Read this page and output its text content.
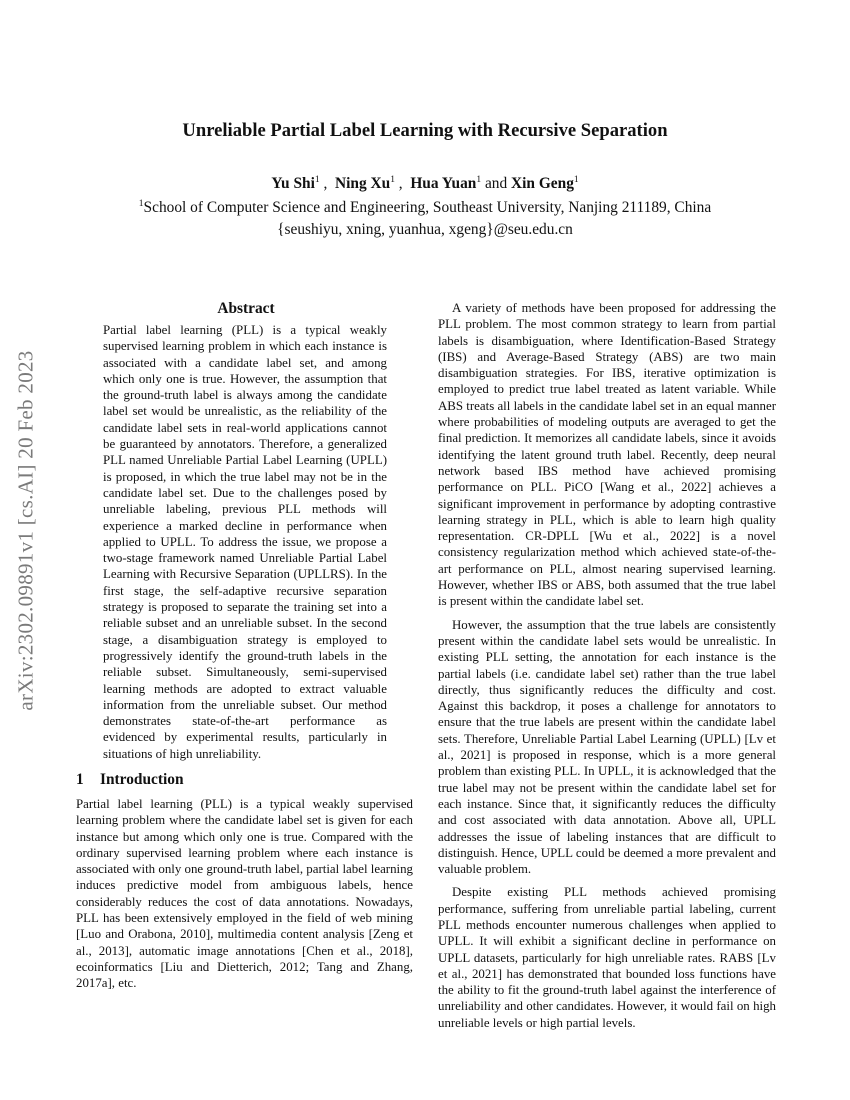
arXiv:2302.09891v1 [cs.AI] 20 Feb 2023
Unreliable Partial Label Learning with Recursive Separation
Yu Shi$^1$ ,  Ning Xu$^1$ ,  Hua Yuan$^1$ and Xin Geng$^1$
$^1$School of Computer Science and Engineering, Southeast University, Nanjing 211189, China
{seushiyu, xning, yuanhua, xgeng}@seu.edu.cn
Abstract

Partial label learning (PLL) is a typical weakly supervised learning problem in which each instance is associated with a candidate label set, and among which only one is true. However, the assumption that the ground-truth label is always among the candidate label set would be unrealistic, as the reliability of the candidate label sets in real-world applications cannot be guaranteed by annotators. Therefore, a generalized PLL named Unreliable Partial Label Learning (UPLL) is proposed, in which the true label may not be in the candidate label set. Due to the challenges posed by unreliable labeling, previous PLL methods will experience a marked decline in performance when applied to UPLL. To address the issue, we propose a two-stage framework named Unreliable Partial Label Learning with Recursive Separation (UPLLRS). In the first stage, the self-adaptive recursive separation strategy is proposed to separate the training set into a reliable subset and an unreliable subset. In the second stage, a disambiguation strategy is employed to progressively identify the ground-truth labels in the reliable subset. Simultaneously, semi-supervised learning methods are adopted to extract valuable information from the unreliable subset. Our method demonstrates state-of-the-art performance as evidenced by experimental results, particularly in situations of high unreliability.

1 Introduction

Partial label learning (PLL) is a typical weakly supervised learning problem where the candidate label set is given for each instance but among which only one is true. Compared with the ordinary supervised learning problem where each instance is associated with only one ground-truth label, partial label learning induces predictive model from ambiguous labels, hence considerably reduces the cost of data annotations. Nowadays, PLL has been extensively employed in the field of web mining [Luo and Orabona, 2010], multimedia content analysis [Zeng et al., 2013], automatic image annotations [Chen et al., 2018], ecoinformatics [Liu and Dietterich, 2012; Tang and Zhang, 2017a], etc.

A variety of methods have been proposed for addressing the PLL problem. The most common strategy to learn from partial labels is disambiguation, where Identification-Based Strategy (IBS) and Average-Based Strategy (ABS) are two main disambiguation strategies. For IBS, iterative optimization is employed to predict true label treated as latent variable. While ABS treats all labels in the candidate label set in an equal manner where probabilities of modeling outputs are averaged to get the final prediction. It memorizes all candidate labels, since it avoids identifying the latent ground truth label. Recently, deep neural network based IBS method have achieved promising performance on PLL. PiCO [Wang et al., 2022] achieves a significant improvement in performance by adopting contrastive learning strategy in PLL, which is able to learn high quality representation. CR-DPLL [Wu et al., 2022] is a novel consistency regularization method which achieved state-of-the-art performance on PLL, almost nearing supervised learning. However, whether IBS or ABS, both assumed that the true label is present within the candidate label set.

However, the assumption that the true labels are consistently present within the candidate label sets would be unrealistic. In existing PLL setting, the annotation for each instance is the partial labels (i.e. candidate label set) rather than the true label directly, thus significantly reduces the difficulty and cost. Against this backdrop, it poses a challenge for annotators to ensure that the true labels are present within the candidate label sets. Therefore, Unreliable Partial Label Learning (UPLL) [Lv et al., 2021] is proposed in response, which is a more general problem than existing PLL. In UPLL, it is acknowledged that the true label may not be present within the candidate label set for each instance. Since that, it significantly reduces the difficulty and cost associated with data annotation. Above all, UPLL addresses the issue of labeling instances that are difficult to distinguish. Hence, UPLL could be deemed a more prevalent and valuable problem.

Despite existing PLL methods achieved promising performance, suffering from unreliable partial labeling, current PLL methods encounter numerous challenges when applied to UPLL. It will exhibit a significant decline in performance on UPLL datasets, particularly for high unreliable rates. RABS [Lv et al., 2021] has demonstrated that bounded loss functions have the ability to fit the ground-truth label against the interference of unreliability and other candidates. However, it would fail on high unreliable levels or high partial levels.
